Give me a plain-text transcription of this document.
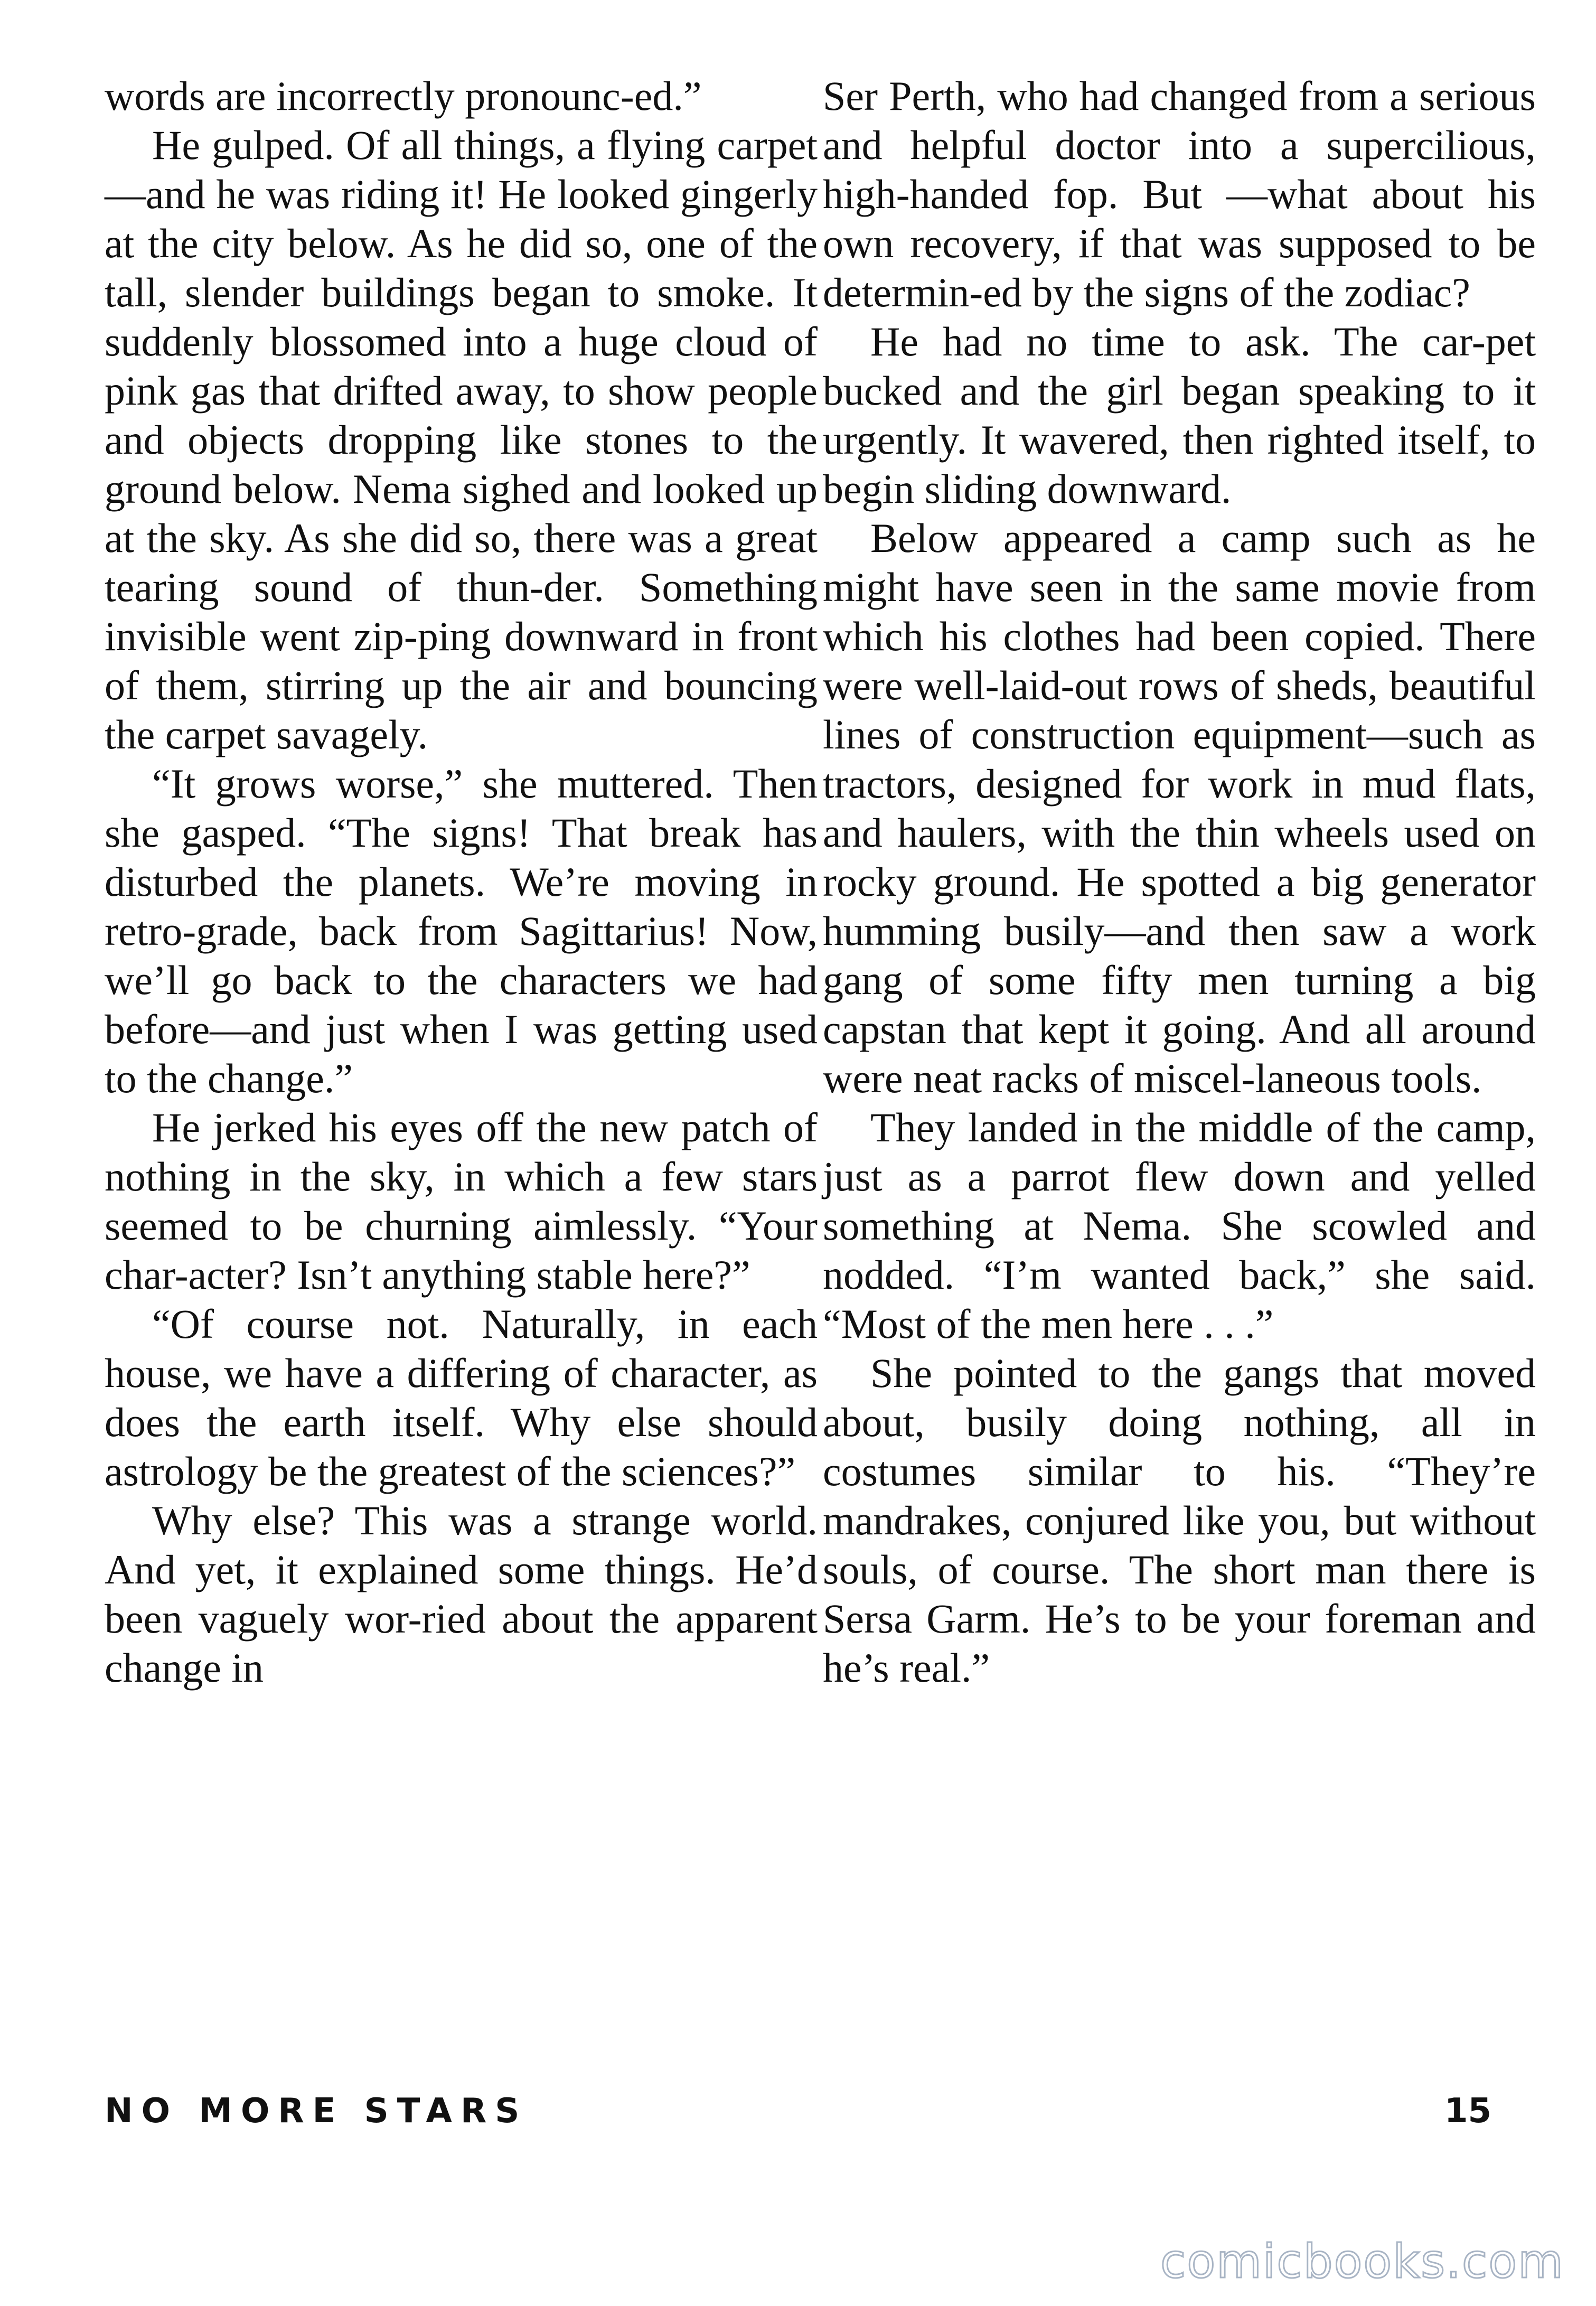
words are incorrectly pronounc-ed.”

He gulped. Of all things, a flying carpet—and he was riding it! He looked gingerly at the city below. As he did so, one of the tall, slender buildings began to smoke. It suddenly blossomed into a huge cloud of pink gas that drifted away, to show people and objects dropping like stones to the ground below. Nema sighed and looked up at the sky. As she did so, there was a great tearing sound of thun-der. Something invisible went zip-ping downward in front of them, stirring up the air and bouncing the carpet savagely.

“It grows worse,” she muttered. Then she gasped. “The signs! That break has disturbed the planets. We’re moving in retro-grade, back from Sagittarius! Now, we’ll go back to the characters we had before—and just when I was getting used to the change.”

He jerked his eyes off the new patch of nothing in the sky, in which a few stars seemed to be churning aimlessly. “Your char-acter? Isn’t anything stable here?”

“Of course not. Naturally, in each house, we have a differing of character, as does the earth itself. Why else should astrology be the greatest of the sciences?”

Why else? This was a strange world. And yet, it explained some things. He’d been vaguely wor-ried about the apparent change in

Ser Perth, who had changed from a serious and helpful doctor into a supercilious, high-handed fop. But —what about his own recovery, if that was supposed to be determin-ed by the signs of the zodiac?

He had no time to ask. The car-pet bucked and the girl began speaking to it urgently. It wavered, then righted itself, to begin sliding downward.

Below appeared a camp such as he might have seen in the same movie from which his clothes had been copied. There were well-laid-out rows of sheds, beautiful lines of construction equipment—such as tractors, designed for work in mud flats, and haulers, with the thin wheels used on rocky ground. He spotted a big generator humming busily—and then saw a work gang of some fifty men turning a big capstan that kept it going. And all around were neat racks of miscel-laneous tools.

They landed in the middle of the camp, just as a parrot flew down and yelled something at Nema. She scowled and nodded. “I’m wanted back,” she said. “Most of the men here . . .”

She pointed to the gangs that moved about, busily doing nothing, all in costumes similar to his. “They’re mandrakes, conjured like you, but without souls, of course. The short man there is Sersa Garm. He’s to be your foreman and he’s real.”

NO MORE STARS	15
comicbooks.com
